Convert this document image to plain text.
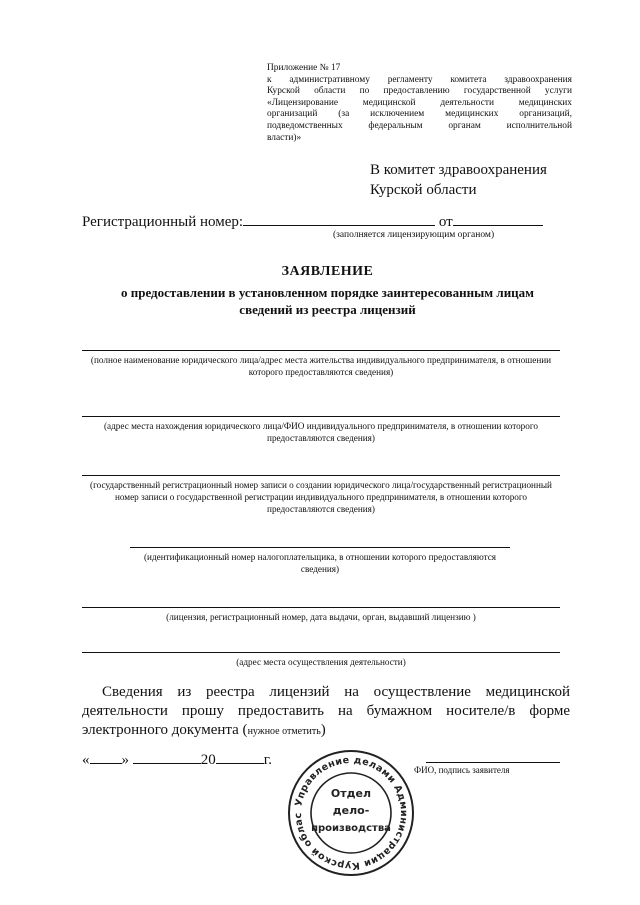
Приложение № 17
к административному регламенту комитета здравоохранения
Курской области по предоставлению государственной услуги
«Лицензирование медицинской деятельности медицинских
организаций (за исключением медицинских организаций,
подведомственных федеральным органам исполнительной
власти)»
В комитет здравоохранения
Курской области
Регистрационный номер:	от
(заполняется лицензирующим органом)
ЗАЯВЛЕНИЕ
о предоставлении в установленном порядке заинтересованным лицам
сведений из реестра лицензий
(полное наименование юридического лица/адрес места жительства индивидуального предпринимателя, в отношении которого предоставляются сведения)
(адрес места нахождения юридического лица/ФИО индивидуального предпринимателя, в отношении которого предоставляются сведения)
(государственный регистрационный номер записи о создании юридического лица/государственный регистрационный номер записи о государственной регистрации индивидуального предпринимателя, в отношении которого предоставляются сведения)
(идентификационный номер налогоплательщика, в отношении которого предоставляются сведения)
(лицензия, регистрационный номер, дата выдачи, орган, выдавший лицензию )
(адрес места осуществления деятельности)
Сведения из реестра лицензий на осуществление медицинской
деятельности прошу предоставить на бумажном носителе/в форме
электронного документа (нужное отметить)
« »	20	г.
ФИО, подпись заявителя
Управление делами Администрации Курской облас
Отдел
дело-
производства
